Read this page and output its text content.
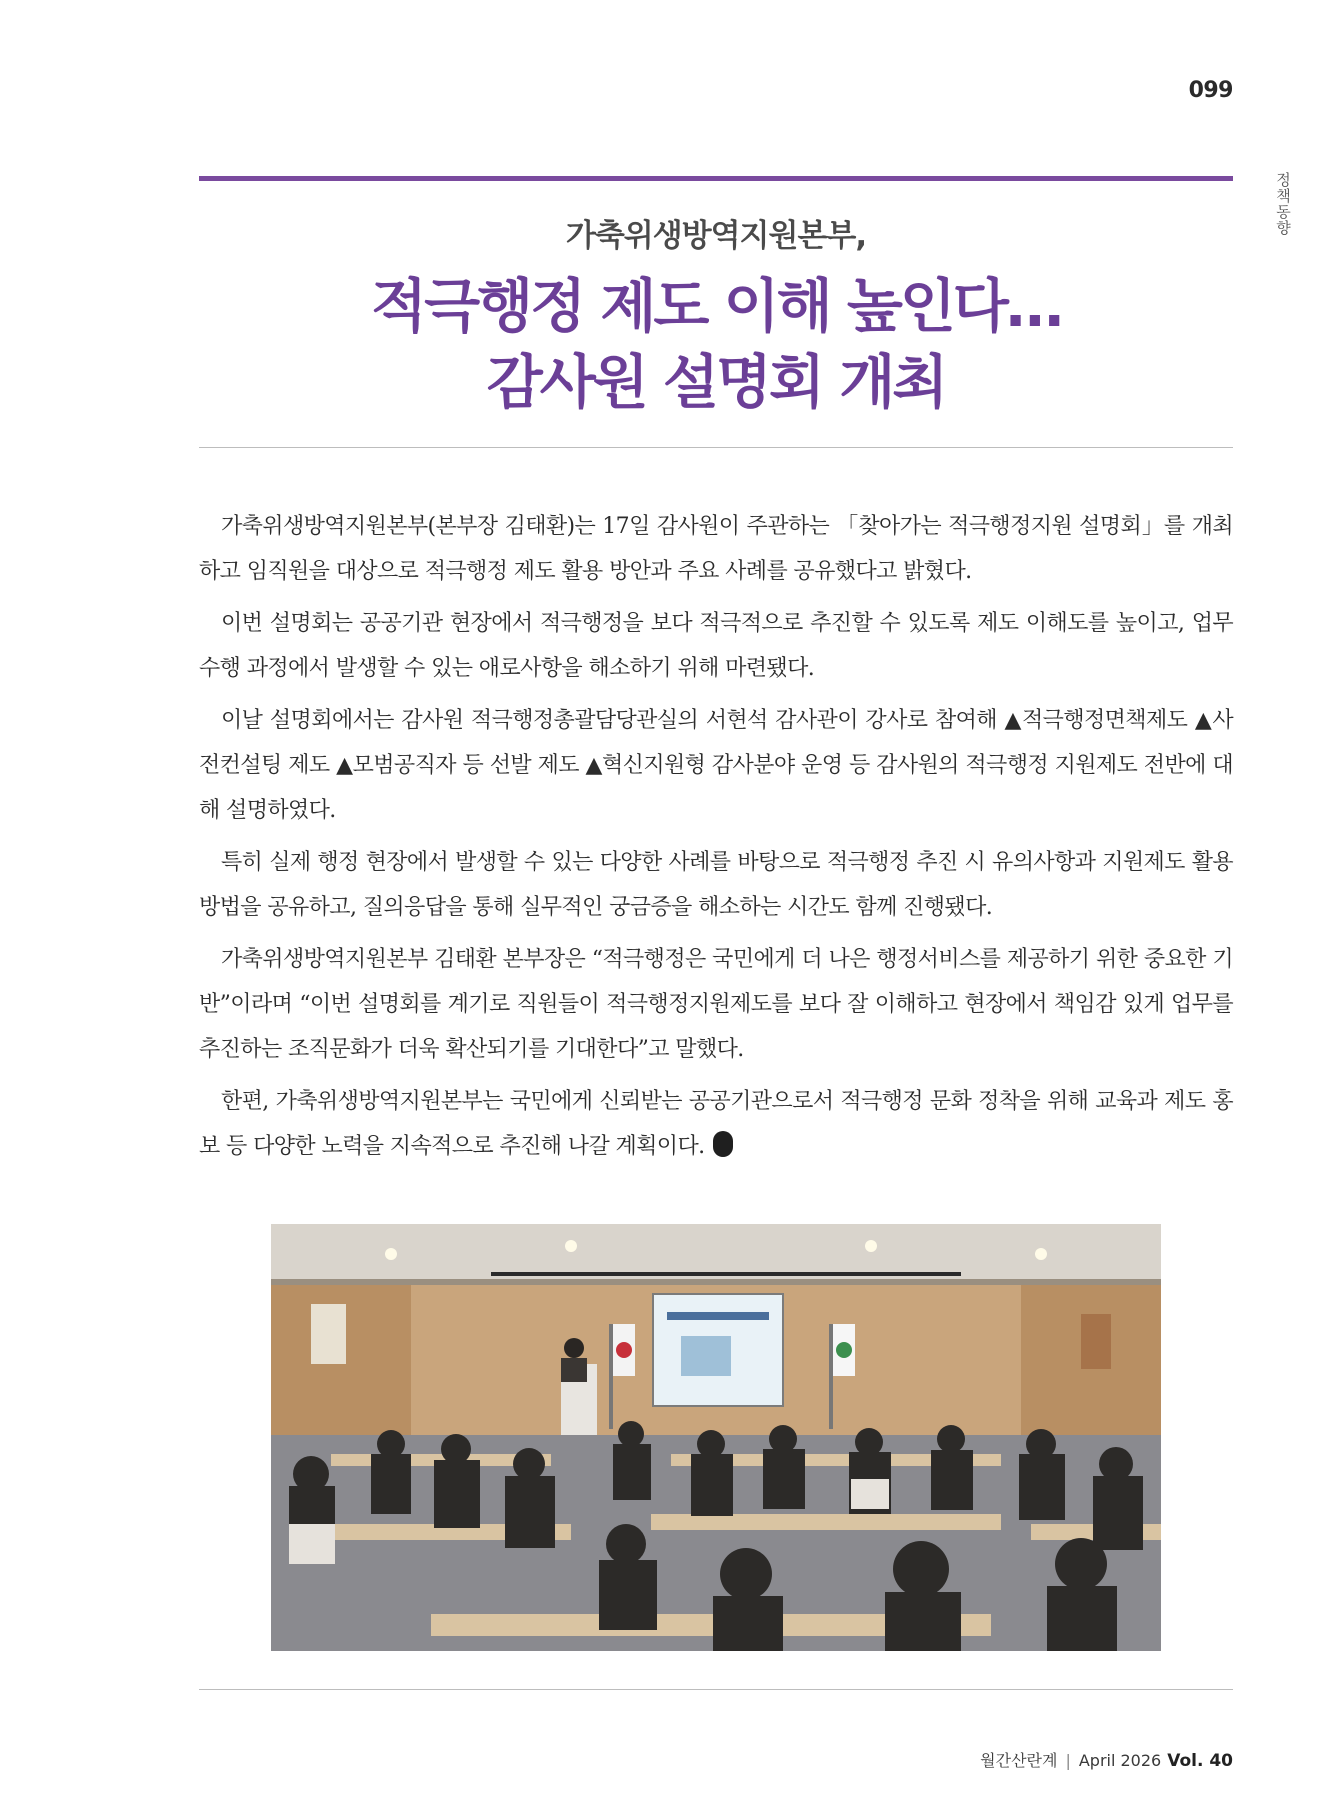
099
정책동향
가축위생방역지원본부,
적극행정 제도 이해 높인다…
감사원 설명회 개최

가축위생방역지원본부(본부장 김태환)는 17일 감사원이 주관하는 「찾아가는 적극행정지원 설명회」를 개최하고 임직원을 대상으로 적극행정 제도 활용 방안과 주요 사례를 공유했다고 밝혔다.

이번 설명회는 공공기관 현장에서 적극행정을 보다 적극적으로 추진할 수 있도록 제도 이해도를 높이고, 업무수행 과정에서 발생할 수 있는 애로사항을 해소하기 위해 마련됐다.

이날 설명회에서는 감사원 적극행정총괄담당관실의 서현석 감사관이 강사로 참여해 ▲적극행정면책제도 ▲사전컨설팅 제도 ▲모범공직자 등 선발 제도 ▲혁신지원형 감사분야 운영 등 감사원의 적극행정 지원제도 전반에 대해 설명하였다.

특히 실제 행정 현장에서 발생할 수 있는 다양한 사례를 바탕으로 적극행정 추진 시 유의사항과 지원제도 활용 방법을 공유하고, 질의응답을 통해 실무적인 궁금증을 해소하는 시간도 함께 진행됐다.

가축위생방역지원본부 김태환 본부장은 “적극행정은 국민에게 더 나은 행정서비스를 제공하기 위한 중요한 기반”이라며 “이번 설명회를 계기로 직원들이 적극행정지원제도를 보다 잘 이해하고 현장에서 책임감 있게 업무를 추진하는 조직문화가 더욱 확산되기를 기대한다”고 말했다.

한편, 가축위생방역지원본부는 국민에게 신뢰받는 공공기관으로서 적극행정 문화 정착을 위해 교육과 제도 홍보 등 다양한 노력을 지속적으로 추진해 나갈 계획이다.

월간산란계 | April 2026 Vol. 40
